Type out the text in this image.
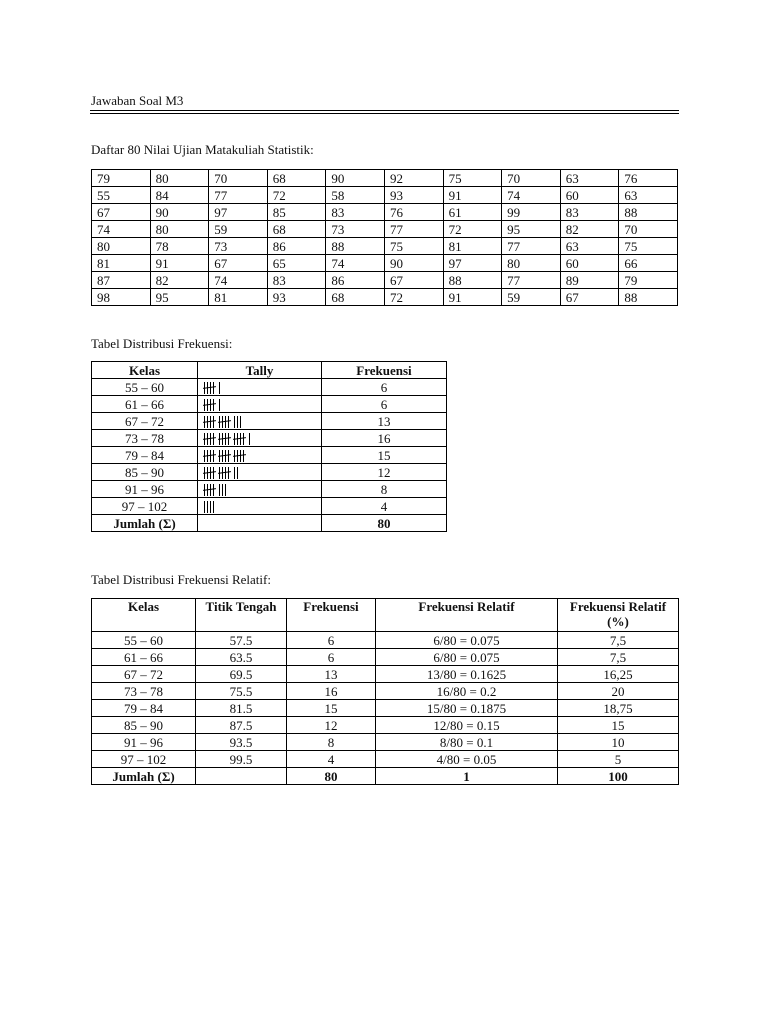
Jawaban Soal M3
Daftar 80 Nilai Ujian Matakuliah Statistik:
79	80	70	68	90	92	75	70	63	76
55	84	77	72	58	93	91	74	60	63
67	90	97	85	83	76	61	99	83	88
74	80	59	68	73	77	72	95	82	70
80	78	73	86	88	75	81	77	63	75
81	91	67	65	74	90	97	80	60	66
87	82	74	83	86	67	88	77	89	79
98	95	81	93	68	72	91	59	67	88
Tabel Distribusi Frekuensi:
Kelas	Tally	Frekuensi
55 – 60		6
61 – 66		6
67 – 72		13
73 – 78		16
79 – 84		15
85 – 90		12
91 – 96		8
97 – 102		4
Jumlah (Σ)		80
Tabel Distribusi Frekuensi Relatif:
Kelas	Titik Tengah	Frekuensi	Frekuensi Relatif	Frekuensi Relatif (%)
55 – 60	57.5	6	6/80 = 0.075	7,5
61 – 66	63.5	6	6/80 = 0.075	7,5
67 – 72	69.5	13	13/80 = 0.1625	16,25
73 – 78	75.5	16	16/80 = 0.2	20
79 – 84	81.5	15	15/80 = 0.1875	18,75
85 – 90	87.5	12	12/80 = 0.15	15
91 – 96	93.5	8	8/80 = 0.1	10
97 – 102	99.5	4	4/80 = 0.05	5
Jumlah (Σ)		80	1	100
